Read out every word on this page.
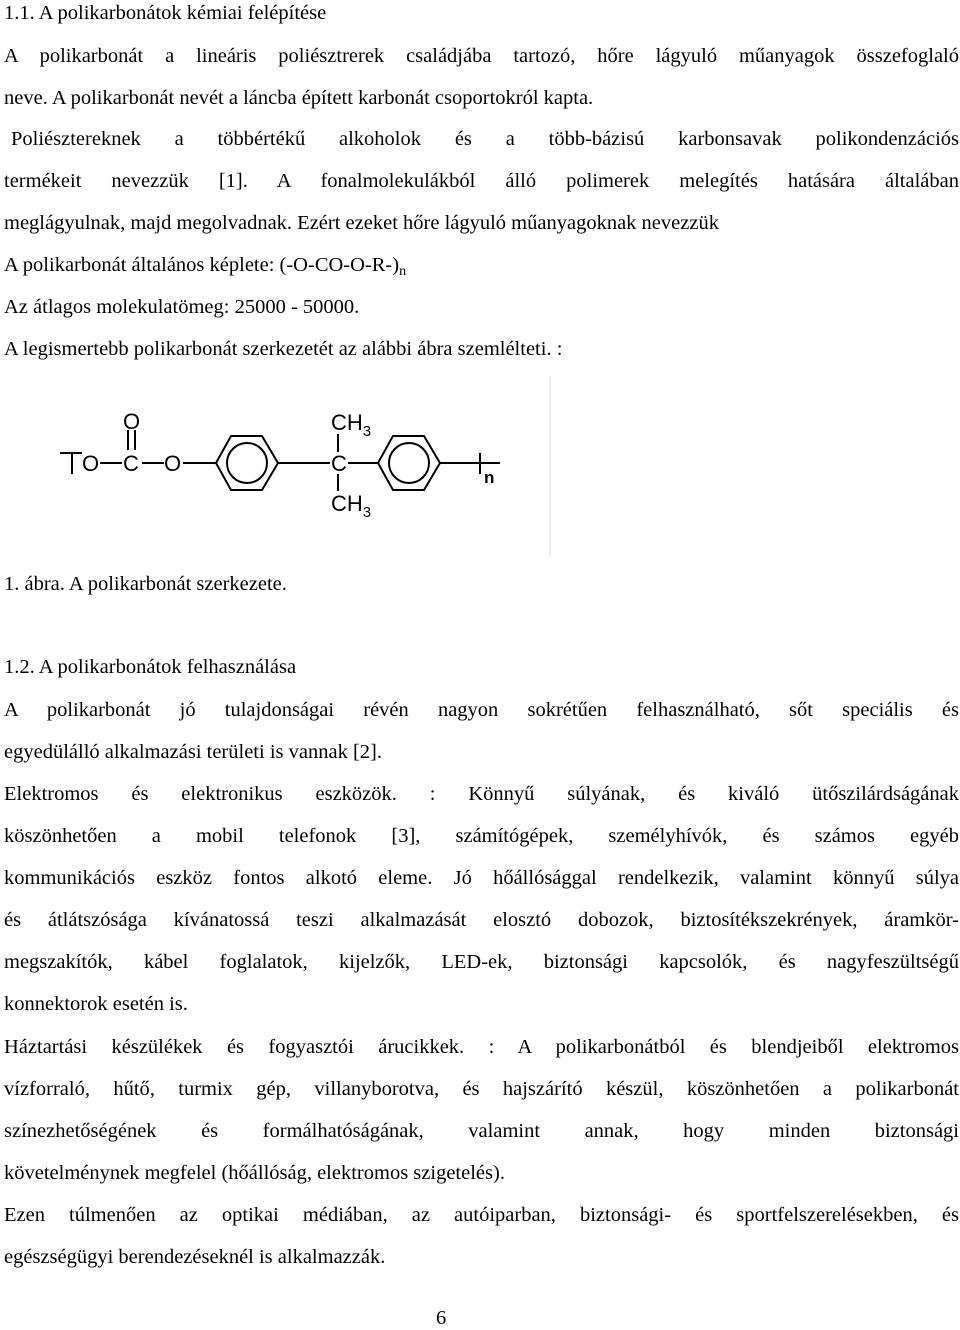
1.1. A polikarbonátok kémiai felépítése
A polikarbonát a lineáris poliésztrerek családjába tartozó, hőre lágyuló műanyagok összefoglaló
neve. A polikarbonát nevét a láncba épített karbonát csoportokról kapta.
Poliésztereknek a többértékű alkoholok és a több-bázisú karbonsavak polikondenzációs
termékeit nevezzük [1]. A fonalmolekulákból álló polimerek melegítés hatására általában
meglágyulnak, majd megolvadnak. Ezért ezeket hőre lágyuló műanyagoknak nevezzük
A polikarbonát általános képlete: $(-O-CO-O-R-)_n$
Az átlagos molekulatömeg: 25000 - 50000.
A legismertebb polikarbonát szerkezetét az alábbi ábra szemlélteti. :
1. ábra. A polikarbonát szerkezete.
1.2. A polikarbonátok felhasználása
A polikarbonát jó tulajdonságai révén nagyon sokrétűen felhasználható, sőt speciális és
egyedülálló alkalmazási területi is vannak [2].
Elektromos és elektronikus eszközök. : Könnyű súlyának, és kiváló ütőszilárdságának
köszönhetően a mobil telefonok [3], számítógépek, személyhívók, és számos egyéb
kommunikációs eszköz fontos alkotó eleme. Jó hőállósággal rendelkezik, valamint könnyű súlya
és átlátszósága kívánatossá teszi alkalmazását elosztó dobozok, biztosítékszekrények, áramkör-
megszakítók, kábel foglalatok, kijelzők, LED-ek, biztonsági kapcsolók, és nagyfeszültségű
konnektorok esetén is.
Háztartási készülékek és fogyasztói árucikkek. : A polikarbonátból és blendjeiből elektromos
vízforraló, hűtő, turmix gép, villanyborotva, és hajszárító készül, köszönhetően a polikarbonát
színezhetőségének és formálhatóságának, valamint annak, hogy minden biztonsági
követelménynek megfelel (hőállóság, elektromos szigetelés).
Ezen túlmenően az optikai médiában, az autóiparban, biztonsági- és sportfelszerelésekben, és
egészségügyi berendezéseknél is alkalmazzák.
O C
O
O	C
$CH_3$
$CH_3$
n
6
